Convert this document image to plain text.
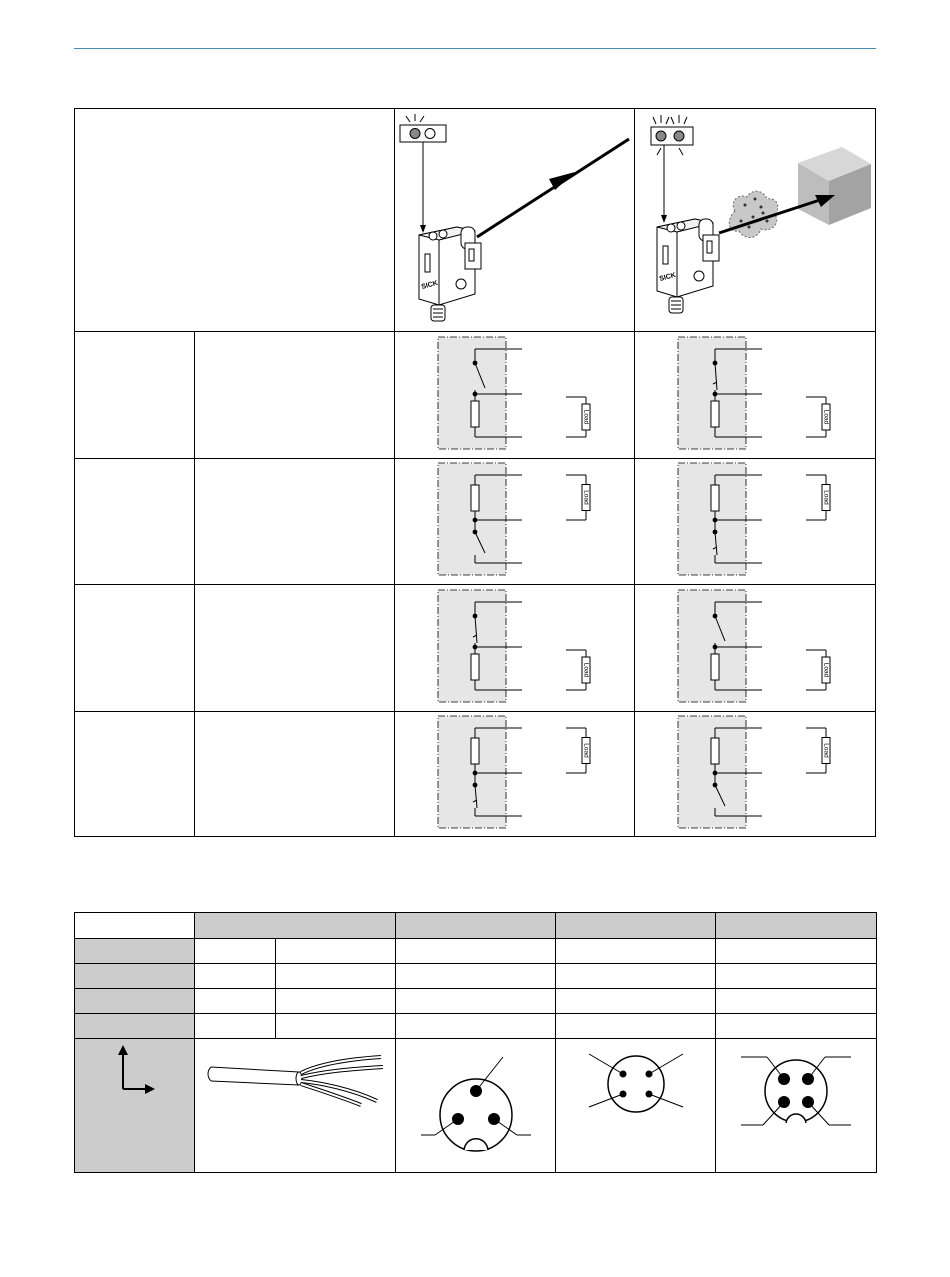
SICK
SICK
Load	Load
Load	Load
Load	Load
Load	Load
